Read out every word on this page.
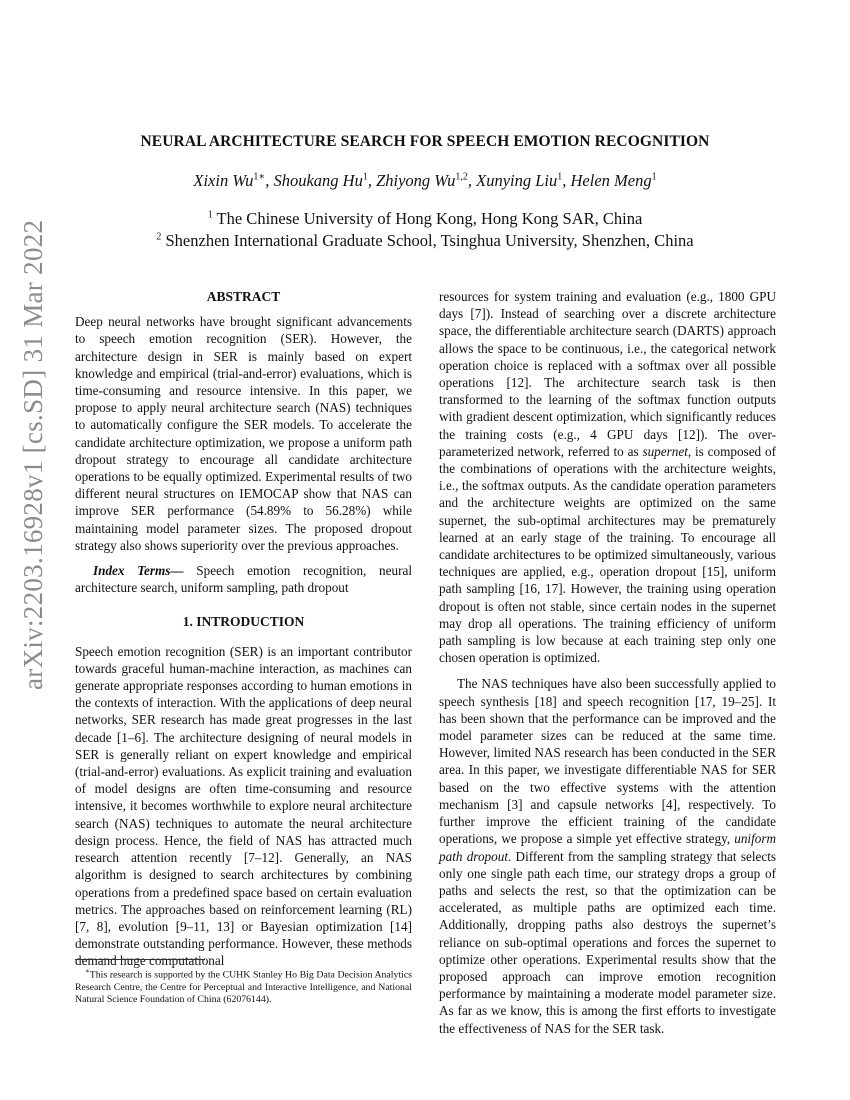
arXiv:2203.16928v1 [cs.SD] 31 Mar 2022
NEURAL ARCHITECTURE SEARCH FOR SPEECH EMOTION RECOGNITION
Xixin $Wu^{1∗}$, Shoukang Hu$^1$, Zhiyong Wu$^{1,2}$, Xunying Liu$^1$, Helen Meng$^1$
$^1$ The Chinese University of Hong Kong, Hong Kong SAR, China
$^2$ Shenzhen International Graduate School, Tsinghua University, Shenzhen, China
ABSTRACT

Deep neural networks have brought significant advancements to speech emotion recognition (SER). However, the architecture design in SER is mainly based on expert knowledge and empirical (trial-and-error) evaluations, which is time-consuming and resource intensive. In this paper, we propose to apply neural architecture search (NAS) techniques to automatically configure the SER models. To accelerate the candidate architecture optimization, we propose a uniform path dropout strategy to encourage all candidate architecture operations to be equally optimized. Experimental results of two different neural structures on IEMOCAP show that NAS can improve SER performance (54.89% to 56.28%) while maintaining model parameter sizes. The proposed dropout strategy also shows superiority over the previous approaches.

Index Terms— Speech emotion recognition, neural architecture search, uniform sampling, path dropout

1. INTRODUCTION

Speech emotion recognition (SER) is an important contributor towards graceful human-machine interaction, as machines can generate appropriate responses according to human emotions in the contexts of interaction. With the applications of deep neural networks, SER research has made great progresses in the last decade [1–6]. The architecture designing of neural models in SER is generally reliant on expert knowledge and empirical (trial-and-error) evaluations. As explicit training and evaluation of model designs are often time-consuming and resource intensive, it becomes worthwhile to explore neural architecture search (NAS) techniques to automate the neural architecture design process. Hence, the field of NAS has attracted much research attention recently [7–12]. Generally, an NAS algorithm is designed to search architectures by combining operations from a predefined space based on certain evaluation metrics. The approaches based on reinforcement learning (RL) [7, 8], evolution [9–11, 13] or Bayesian optimization [14] demonstrate outstanding performance. However, these methods demand huge computational

resources for system training and evaluation (e.g., 1800 GPU days [7]). Instead of searching over a discrete architecture space, the differentiable architecture search (DARTS) approach allows the space to be continuous, i.e., the categorical network operation choice is replaced with a softmax over all possible operations [12]. The architecture search task is then transformed to the learning of the softmax function outputs with gradient descent optimization, which significantly reduces the training costs (e.g., 4 GPU days [12]). The over-parameterized network, referred to as supernet, is composed of the combinations of operations with the architecture weights, i.e., the softmax outputs. As the candidate operation parameters and the architecture weights are optimized on the same supernet, the sub-optimal architectures may be prematurely learned at an early stage of the training. To encourage all candidate architectures to be optimized simultaneously, various techniques are applied, e.g., operation dropout [15], uniform path sampling [16, 17]. However, the training using operation dropout is often not stable, since certain nodes in the supernet may drop all operations. The training efficiency of uniform path sampling is low because at each training step only one chosen operation is optimized.

The NAS techniques have also been successfully applied to speech synthesis [18] and speech recognition [17, 19–25]. It has been shown that the performance can be improved and the model parameter sizes can be reduced at the same time. However, limited NAS research has been conducted in the SER area. In this paper, we investigate differentiable NAS for SER based on the two effective systems with the attention mechanism [3] and capsule networks [4], respectively. To further improve the efficient training of the candidate operations, we propose a simple yet effective strategy, uniform path dropout. Different from the sampling strategy that selects only one single path each time, our strategy drops a group of paths and selects the rest, so that the optimization can be accelerated, as multiple paths are optimized each time. Additionally, dropping paths also destroys the supernet’s reliance on sub-optimal operations and forces the supernet to optimize other operations. Experimental results show that the proposed approach can improve emotion recognition performance by maintaining a moderate model parameter size. As far as we know, this is among the first efforts to investigate the effectiveness of NAS for the SER task.

∗This research is supported by the CUHK Stanley Ho Big Data Decision Analytics Research Centre, the Centre for Perceptual and Interactive Intelligence, and National Natural Science Foundation of China (62076144).
